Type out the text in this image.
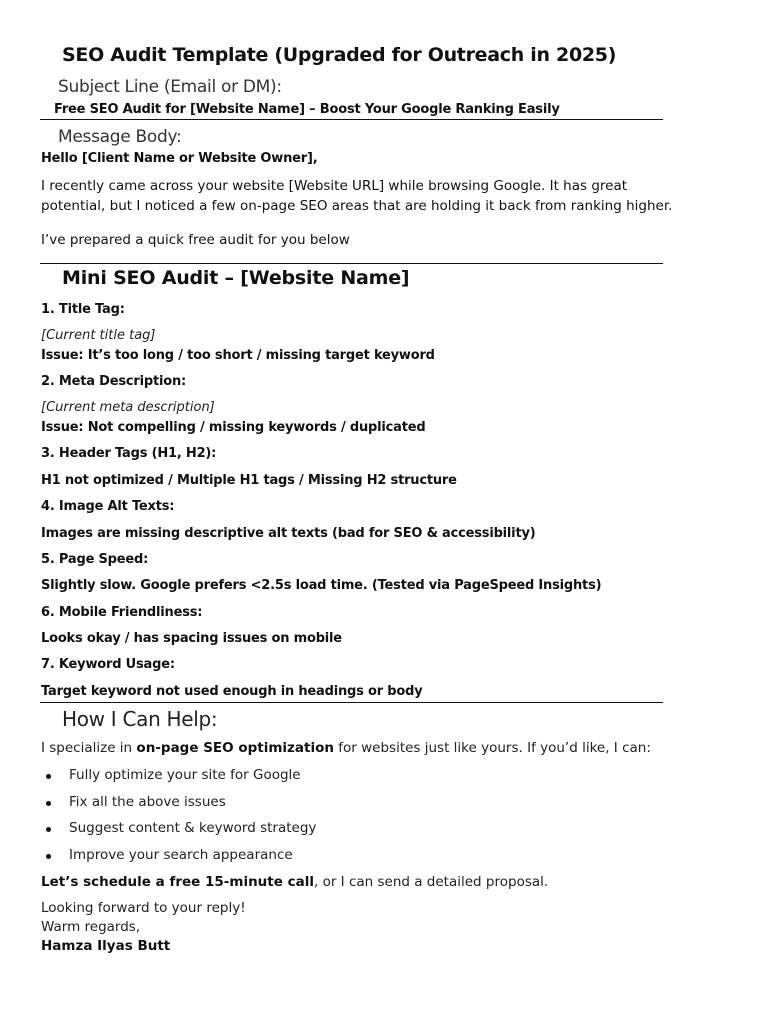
SEO Audit Template (Upgraded for Outreach in 2025)
Subject Line (Email or DM):
Free SEO Audit for [Website Name] – Boost Your Google Ranking Easily
Message Body:
Hello [Client Name or Website Owner],
I recently came across your website [Website URL] while browsing Google. It has great
potential, but I noticed a few on-page SEO areas that are holding it back from ranking higher.
I’ve prepared a quick free audit for you below
Mini SEO Audit – [Website Name]
1. Title Tag:
[Current title tag]
Issue: It’s too long / too short / missing target keyword
2. Meta Description:
[Current meta description]
Issue: Not compelling / missing keywords / duplicated
3. Header Tags (H1, H2):
H1 not optimized / Multiple H1 tags / Missing H2 structure
4. Image Alt Texts:
Images are missing descriptive alt texts (bad for SEO & accessibility)
5. Page Speed:
Slightly slow. Google prefers <2.5s load time. (Tested via PageSpeed Insights)
6. Mobile Friendliness:
Looks okay / has spacing issues on mobile
7. Keyword Usage:
Target keyword not used enough in headings or body
How I Can Help:
I specialize in on-page SEO optimization for websites just like yours. If you’d like, I can:
Fully optimize your site for Google
Fix all the above issues
Suggest content & keyword strategy
Improve your search appearance
Let’s schedule a free 15-minute call, or I can send a detailed proposal.
Looking forward to your reply!
Warm regards,
Hamza Ilyas Butt
